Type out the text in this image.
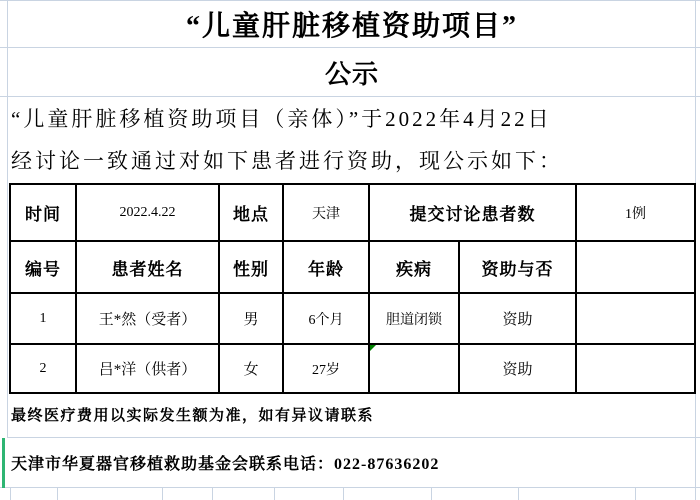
“儿童肝脏移植资助项目”
公示
“儿童肝脏移植资助项目（亲体）”于2022年4月22日
经讨论一致通过对如下患者进行资助，现公示如下：
时间	2022.4.22	地点	天津	提交讨论患者数		1例
编号	患者姓名	性别	年龄	疾病	资助与否	
1	王*然（受者）	男	6个月	胆道闭锁	资助	
2	吕*洋（供者）	女	27岁		资助	
最终医疗费用以实际发生额为准，如有异议请联系
天津市华夏器官移植救助基金会联系电话：022-87636202
